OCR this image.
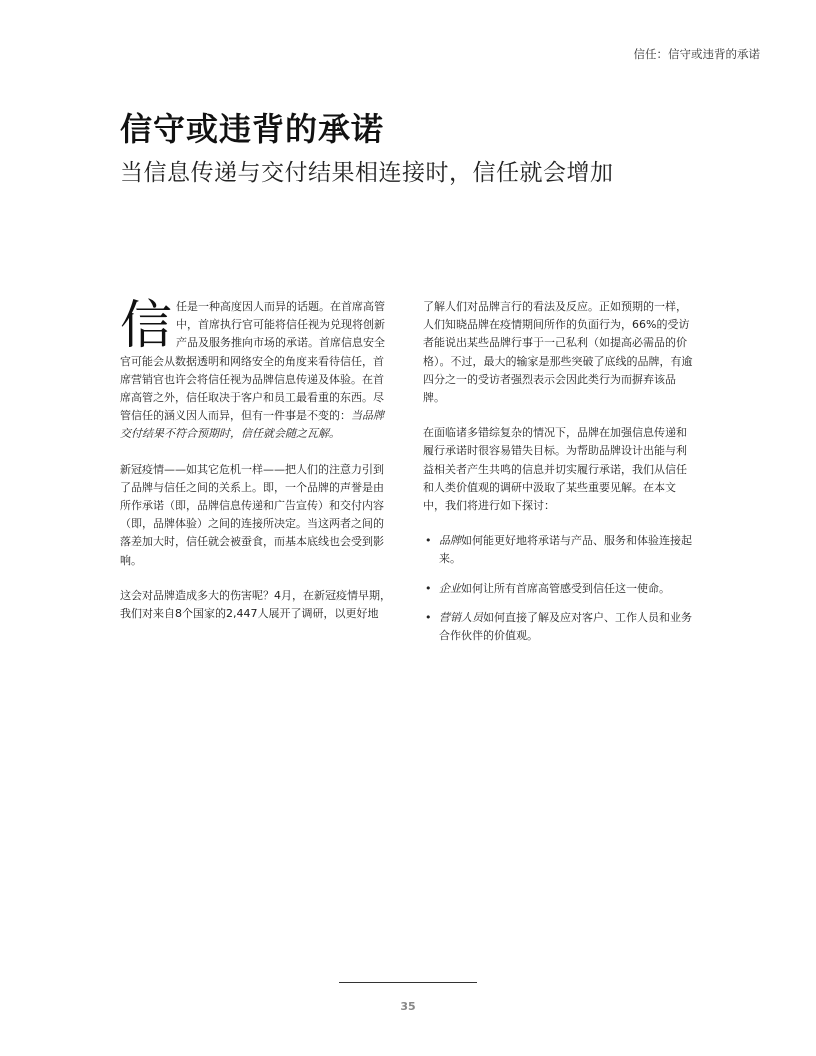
信任：信守或违背的承诺
信守或违背的承诺
当信息传递与交付结果相连接时，信任就会增加

信任是一种高度因人而异的话题。在首席高管中，首席执行官可能将信任视为兑现将创新产品及服务推向市场的承诺。首席信息安全官可能会从数据透明和网络安全的角度来看待信任，首席营销官也许会将信任视为品牌信息传递及体验。在首席高管之外，信任取决于客户和员工最看重的东西。尽管信任的涵义因人而异，但有一件事是不变的：当品牌交付结果不符合预期时，信任就会随之瓦解。

新冠疫情——如其它危机一样——把人们的注意力引到了品牌与信任之间的关系上。即，一个品牌的声誉是由所作承诺（即，品牌信息传递和广告宣传）和交付内容（即，品牌体验）之间的连接所决定。当这两者之间的落差加大时，信任就会被蚕食，而基本底线也会受到影响。

这会对品牌造成多大的伤害呢？4月，在新冠疫情早期，我们对来自8个国家的2,447人展开了调研，以更好地

了解人们对品牌言行的看法及反应。正如预期的一样，人们知晓品牌在疫情期间所作的负面行为，66%的受访者能说出某些品牌行事于一己私利（如提高必需品的价格）。不过，最大的输家是那些突破了底线的品牌，有逾四分之一的受访者强烈表示会因此类行为而摒弃该品牌。

在面临诸多错综复杂的情况下，品牌在加强信息传递和履行承诺时很容易错失目标。为帮助品牌设计出能与利益相关者产生共鸣的信息并切实履行承诺，我们从信任和人类价值观的调研中汲取了某些重要见解。在本文中，我们将进行如下探讨：

• 品牌如何能更好地将承诺与产品、服务和体验连接起来。
• 企业如何让所有首席高管感受到信任这一使命。
• 营销人员如何直接了解及应对客户、工作人员和业务合作伙伴的价值观。
35
